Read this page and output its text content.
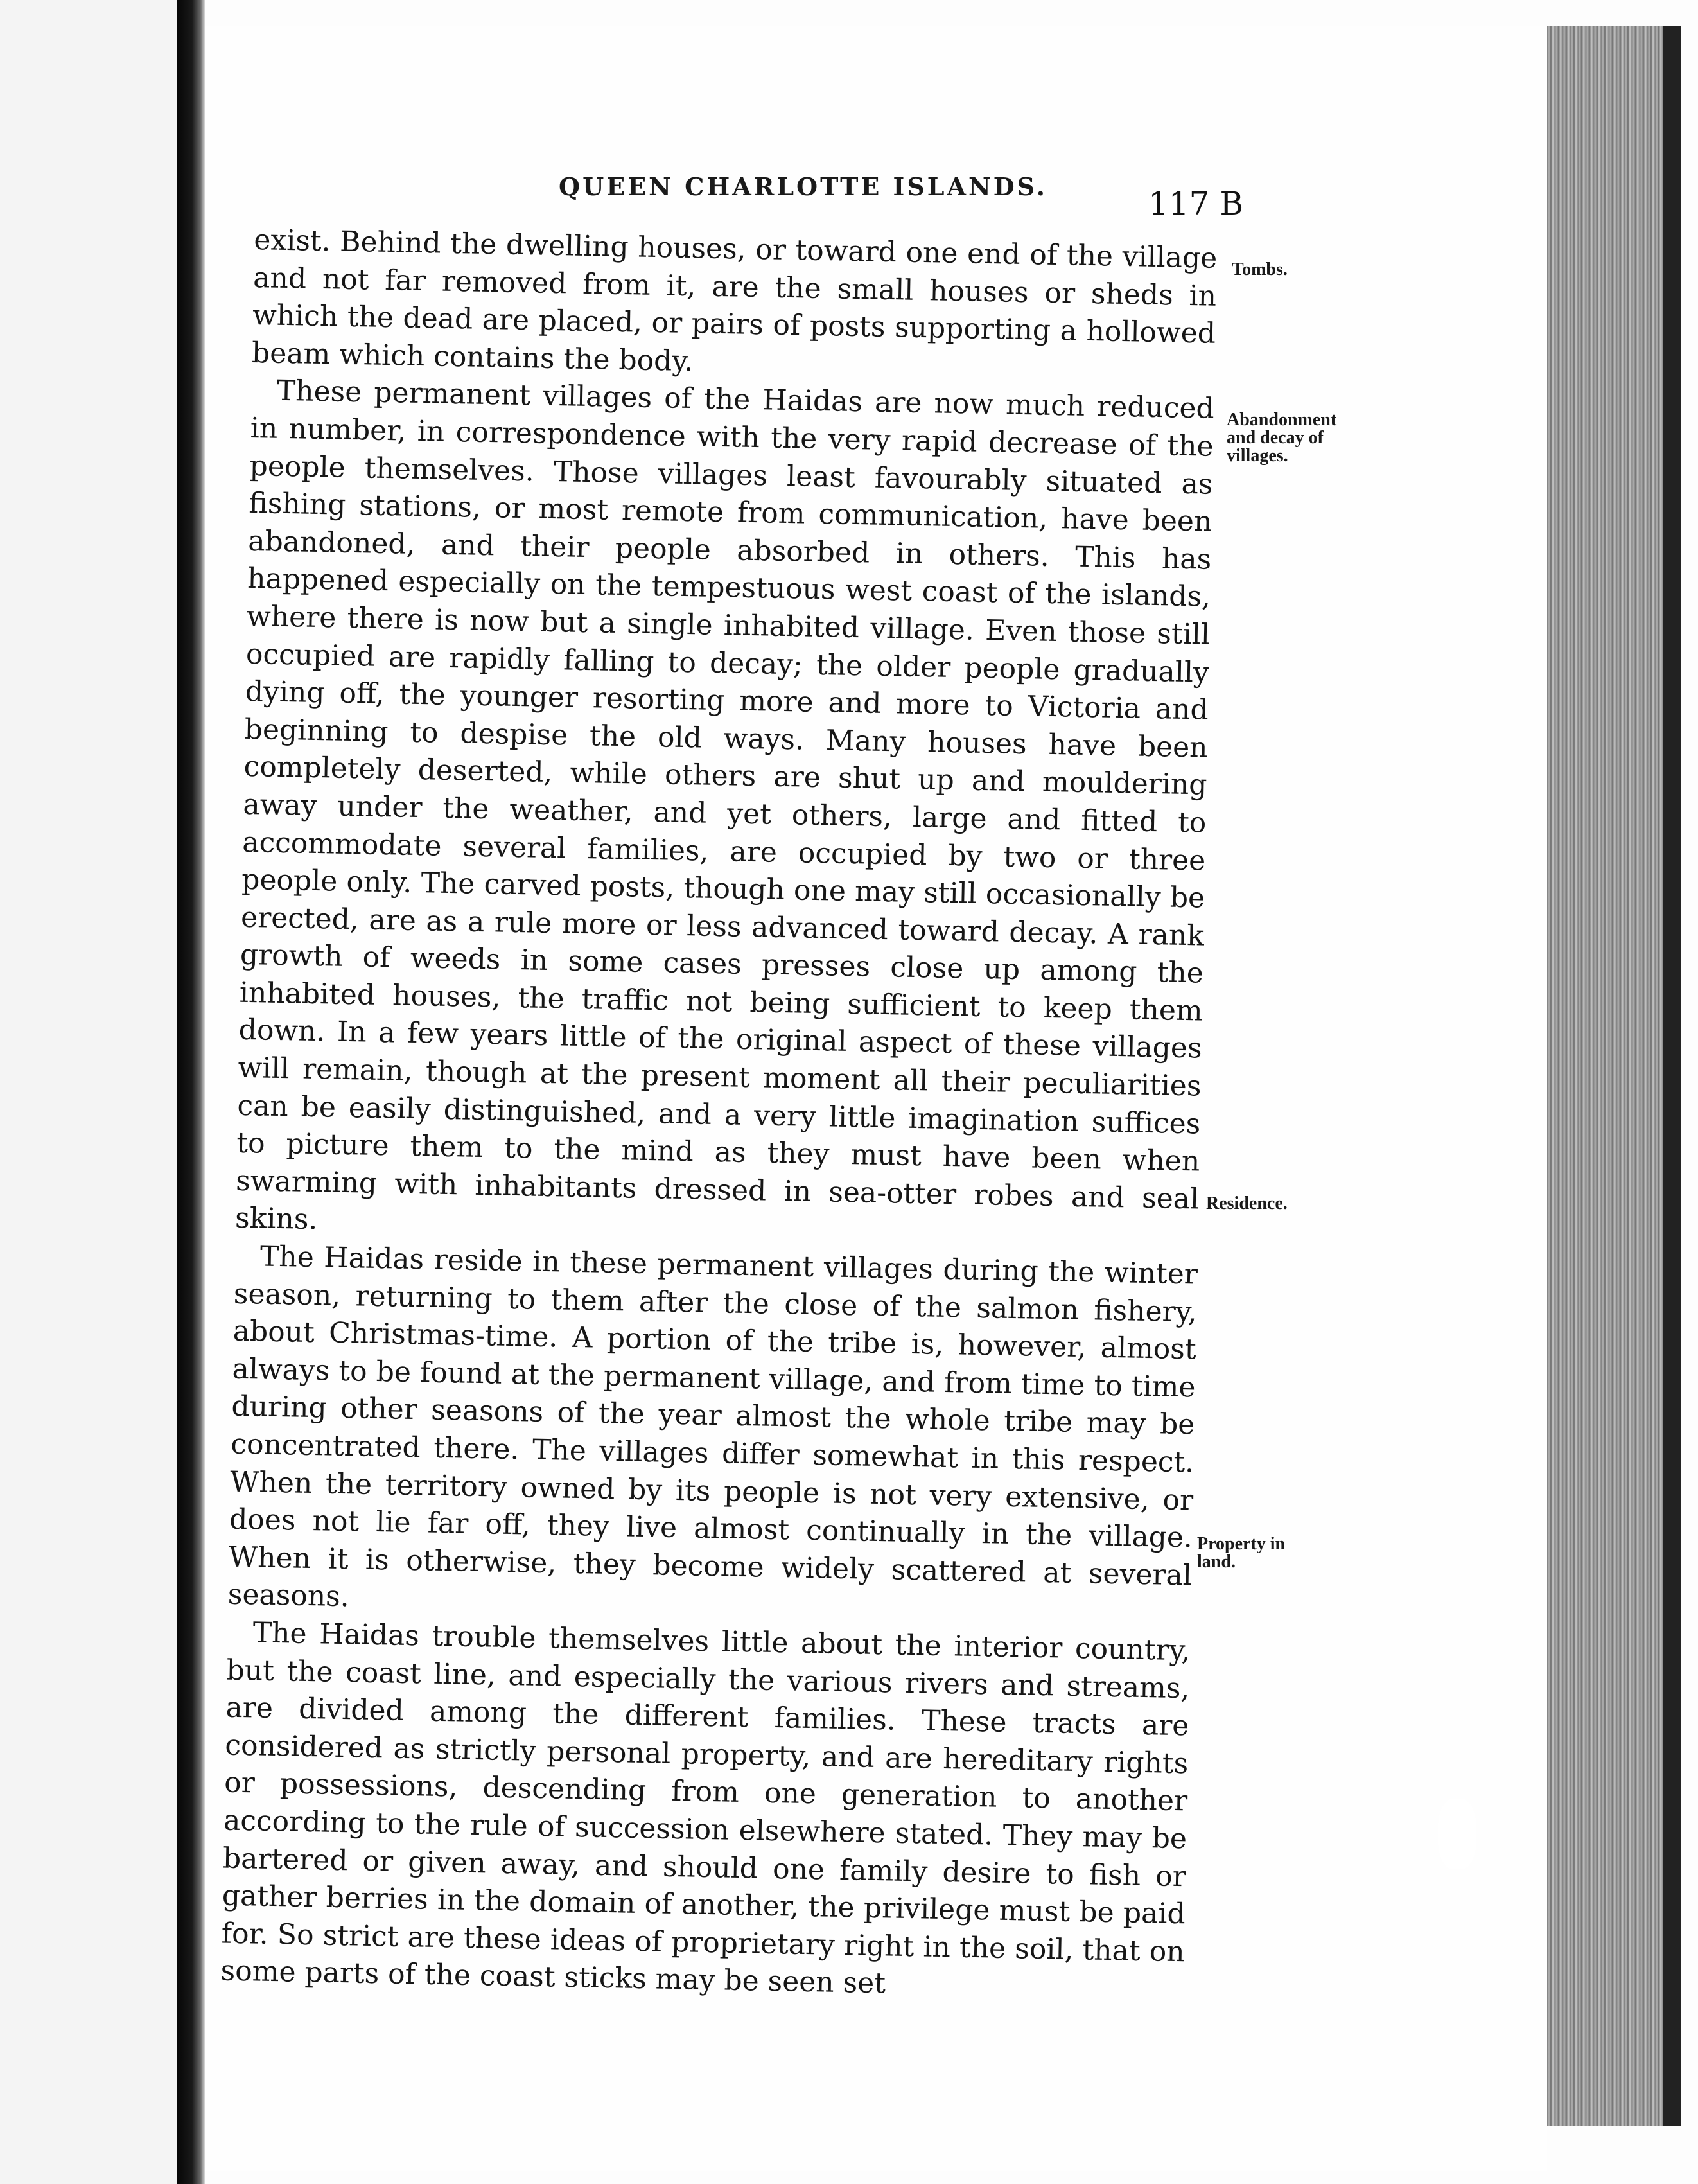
QUEEN CHARLOTTE ISLANDS.	117 B

exist. Behind the dwelling houses, or toward one end of the village and not far removed from it, are the small houses or sheds in which the dead are placed, or pairs of posts supporting a hollowed beam which contains the body.

These permanent villages of the Haidas are now much reduced in number, in correspondence with the very rapid decrease of the people themselves. Those villages least favourably situated as fishing stations, or most remote from communication, have been abandoned, and their people absorbed in others. This has happened especially on the tempestuous west coast of the islands, where there is now but a single inhabited village. Even those still occupied are rapidly falling to decay; the older people gradually dying off, the younger resorting more and more to Victoria and beginning to despise the old ways. Many houses have been completely deserted, while others are shut up and mouldering away under the weather, and yet others, large and fitted to accommodate several families, are occupied by two or three people only. The carved posts, though one may still occasionally be erected, are as a rule more or less advanced toward decay. A rank growth of weeds in some cases presses close up among the inhabited houses, the traffic not being sufficient to keep them down. In a few years little of the original aspect of these villages will remain, though at the present moment all their peculiarities can be easily distinguished, and a very little imagination suffices to picture them to the mind as they must have been when swarming with inhabitants dressed in sea-otter robes and seal skins.

The Haidas reside in these permanent villages during the winter season, returning to them after the close of the salmon fishery, about Christmas-time. A portion of the tribe is, however, almost always to be found at the permanent village, and from time to time during other seasons of the year almost the whole tribe may be concentrated there. The villages differ somewhat in this respect. When the territory owned by its people is not very extensive, or does not lie far off, they live almost continually in the village. When it is otherwise, they become widely scattered at several seasons.

The Haidas trouble themselves little about the interior country, but the coast line, and especially the various rivers and streams, are divided among the different families. These tracts are considered as strictly personal property, and are hereditary rights or possessions, descending from one generation to another according to the rule of succession elsewhere stated. They may be bartered or given away, and should one family desire to fish or gather berries in the domain of another, the privilege must be paid for. So strict are these ideas of proprietary right in the soil, that on some parts of the coast sticks may be seen set

Tombs.
Abandonment
and decay of
villages.
Residence.
Property in
land.
